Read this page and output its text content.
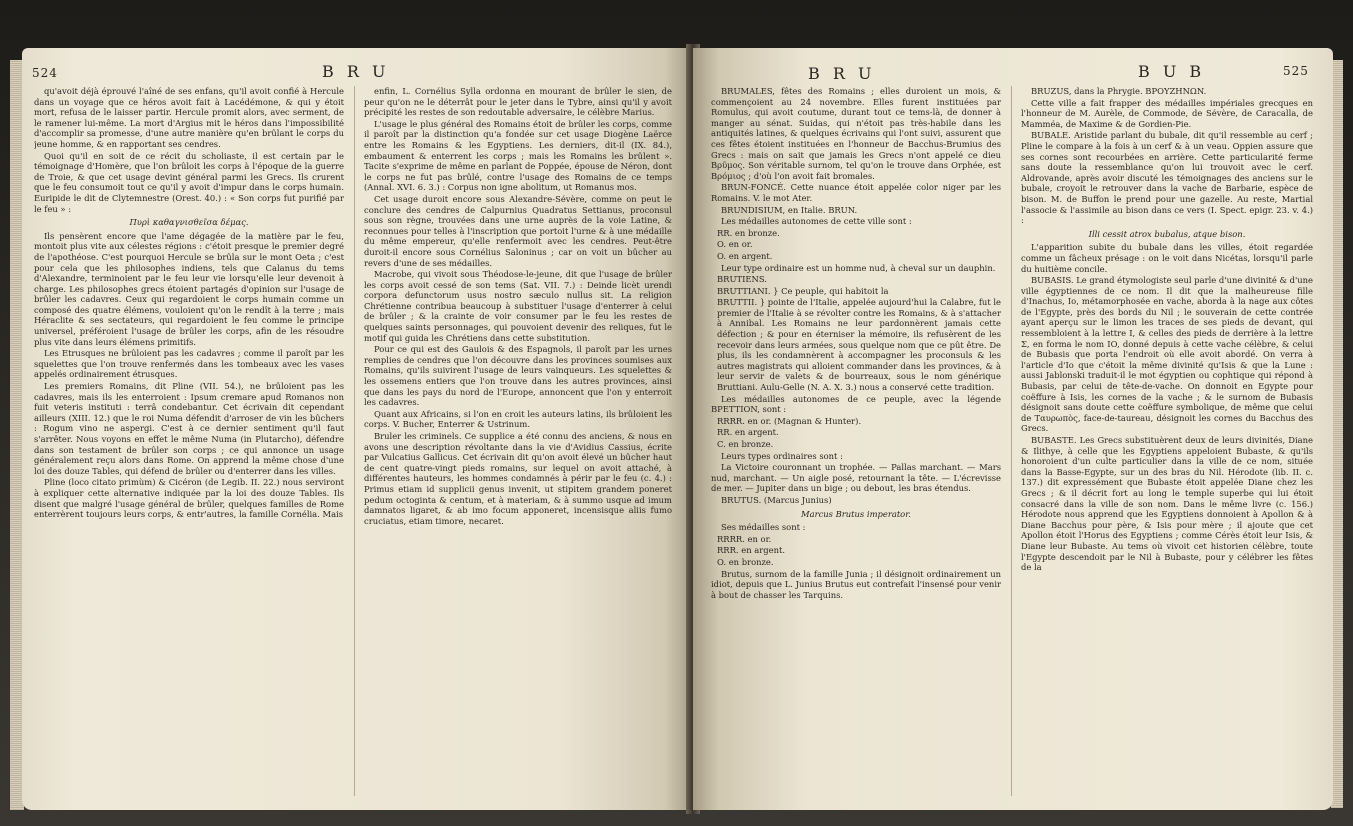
524	B R U

qu'avoit déjà éprouvé l'aîné de ses enfans, qu'il avoit confié à Hercule dans un voyage que ce héros avoit fait à Lacédémone, & qui y étoit mort, refusa de le laisser partir. Hercule promit alors, avec serment, de le ramener lui-même. La mort d'Argius mit le héros dans l'impossibilité d'accomplir sa promesse, d'une autre manière qu'en brûlant le corps du jeune homme, & en rapportant ses cendres.

Quoi qu'il en soit de ce récit du scholiaste, il est certain par le témoignage d'Homère, que l'on brûloit les corps à l'époque de la guerre de Troie, & que cet usage devint général parmi les Grecs. Ils crurent que le feu consumoit tout ce qu'il y avoit d'impur dans le corps humain. Euripide le dit de Clytemnestre (Orest. 40.) : « Son corps fut purifié par le feu » :

Πυρὶ καθαγνισθεῖσα δέμας.

Ils pensèrent encore que l'ame dégagée de la matière par le feu, montoit plus vite aux célestes régions : c'étoit presque le premier degré de l'apothéose. C'est pourquoi Hercule se brûla sur le mont Oeta ; c'est pour cela que les philosophes indiens, tels que Calanus du tems d'Alexandre, terminoient par le feu leur vie lorsqu'elle leur devenoit à charge. Les philosophes grecs étoient partagés d'opinion sur l'usage de brûler les cadavres. Ceux qui regardoient le corps humain comme un composé des quatre élémens, vouloient qu'on le rendît à la terre ; mais Héraclite & ses sectateurs, qui regardoient le feu comme le principe universel, préféroient l'usage de brûler les corps, afin de les résoudre plus vite dans leurs élémens primitifs.

Les Etrusques ne brûloient pas les cadavres ; comme il paroît par les squelettes que l'on trouve renfermés dans les tombeaux avec les vases appelés ordinairement étrusques.

Les premiers Romains, dit Pline (VII. 54.), ne brûloient pas les cadavres, mais ils les enterroient : Ipsum cremare apud Romanos non fuit veteris instituti : terrâ condebantur. Cet écrivain dit cependant ailleurs (XIII. 12.) que le roi Numa défendit d'arroser de vin les bûchers : Rogum vino ne aspergi. C'est à ce dernier sentiment qu'il faut s'arrêter. Nous voyons en effet le même Numa (in Plutarcho), défendre dans son testament de brûler son corps ; ce qui annonce un usage généralement reçu alors dans Rome. On apprend la même chose d'une loi des douze Tables, qui défend de brûler ou d'enterrer dans les villes.

Pline (loco citato primùm) & Cicéron (de Legib. II. 22.) nous serviront à expliquer cette alternative indiquée par la loi des douze Tables. Ils disent que malgré l'usage général de brûler, quelques familles de Rome enterrèrent toujours leurs corps, & entr'autres, la famille Cornélia. Mais

enfin, L. Cornélius Sylla ordonna en mourant de brûler le sien, de peur qu'on ne le déterrât pour le jeter dans le Tybre, ainsi qu'il y avoit précipité les restes de son redoutable adversaire, le célèbre Marius.

L'usage le plus général des Romains étoit de brûler les corps, comme il paroît par la distinction qu'a fondée sur cet usage Diogène Laërce entre les Romains & les Egyptiens. Les derniers, dit-il (IX. 84.), embaument & enterrent les corps ; mais les Romains les brûlent ». Tacite s'exprime de même en parlant de Poppée, épouse de Néron, dont le corps ne fut pas brûlé, contre l'usage des Romains de ce temps (Annal. XVI. 6. 3.) : Corpus non igne abolitum, ut Romanus mos.

Cet usage duroit encore sous Alexandre-Sévère, comme on peut le conclure des cendres de Calpurnius Quadratus Settianus, proconsul sous son règne, trouvées dans une urne auprès de la voie Latine, & reconnues pour telles à l'inscription que portoit l'urne & à une médaille du même empereur, qu'elle renfermoit avec les cendres. Peut-être duroit-il encore sous Cornélius Saloninus ; car on voit un bûcher au revers d'une de ses médailles.

Macrobe, qui vivoit sous Théodose-le-jeune, dit que l'usage de brûler les corps avoit cessé de son tems (Sat. VII. 7.) : Deinde licèt urendi corpora defunctorum usus nostro sæculo nullus sit. La religion Chrétienne contribua beaucoup à substituer l'usage d'enterrer à celui de brûler ; & la crainte de voir consumer par le feu les restes de quelques saints personnages, qui pouvoient devenir des reliques, fut le motif qui guida les Chrétiens dans cette substitution.

Pour ce qui est des Gaulois & des Espagnols, il paroît par les urnes remplies de cendres que l'on découvre dans les provinces soumises aux Romains, qu'ils suivirent l'usage de leurs vainqueurs. Les squelettes & les ossemens entiers que l'on trouve dans les autres provinces, ainsi que dans les pays du nord de l'Europe, annoncent que l'on y enterroit les cadavres.

Quant aux Africains, si l'on en croit les auteurs latins, ils brûloient les corps. V. Bucher, Enterrer & Ustrinum.

Bruler les criminels. Ce supplice a été connu des anciens, & nous en avons une description révoltante dans la vie d'Avidius Cassius, écrite par Vulcatius Gallicus. Cet écrivain dit qu'on avoit élevé un bûcher haut de cent quatre-vingt pieds romains, sur lequel on avoit attaché, à différentes hauteurs, les hommes condamnés à périr par le feu (c. 4.) : Primus etiam id supplicii genus invenit, ut stipitem grandem poneret pedum octoginta & centum, et à materiam, & à summo usque ad imum damnatos ligaret, & ab imo focum apponeret, incensisque aliis fumo cruciatus, etiam timore, necaret.

B R U	B U B	525

BRUMALES, fêtes des Romains ; elles duroient un mois, & commençoient au 24 novembre. Elles furent instituées par Romulus, qui avoit coutume, durant tout ce tems-là, de donner à manger au sénat. Suidas, qui n'étoit pas très-habile dans les antiquités latines, & quelques écrivains qui l'ont suivi, assurent que ces fêtes étoient instituées en l'honneur de Bacchus-Brumius des Grecs : mais on sait que jamais les Grecs n'ont appelé ce dieu Βρῦμος. Son véritable surnom, tel qu'on le trouve dans Orphée, est Βρόμιος ; d'où l'on avoit fait bromales.

BRUN-FONCÉ. Cette nuance étoit appelée color niger par les Romains. V. le mot Ater.

BRUNDISIUM, en Italie. BRUN.

Les médailles autonomes de cette ville sont :

RR. en bronze.

O. en or.

O. en argent.

Leur type ordinaire est un homme nud, à cheval sur un dauphin.

BRUTIENS.

BRUTTIANI. } Ce peuple, qui habitoit la

BRUTTII. } pointe de l'Italie, appelée aujourd'hui la Calabre, fut le premier de l'Italie à se révolter contre les Romains, & à s'attacher à Annibal. Les Romains ne leur pardonnèrent jamais cette défection ; & pour en éterniser la mémoire, ils refusèrent de les recevoir dans leurs armées, sous quelque nom que ce pût être. De plus, ils les condamnèrent à accompagner les proconsuls & les autres magistrats qui alloient commander dans les provinces, & à leur servir de valets & de bourreaux, sous le nom générique Bruttiani. Aulu-Gelle (N. A. X. 3.) nous a conservé cette tradition.

Les médailles autonomes de ce peuple, avec la légende BPETTION, sont :

RRRR. en or. (Magnan & Hunter).

RR. en argent.

C. en bronze.

Leurs types ordinaires sont :

La Victoire couronnant un trophée. — Pallas marchant. — Mars nud, marchant. — Un aigle posé, retournant la tête. — L'écrevisse de mer. — Jupiter dans un bige ; ou debout, les bras étendus.

BRUTUS. (Marcus Junius)

Marcus Brutus imperator.

Ses médailles sont :

RRRR. en or.

RRR. en argent.

O. en bronze.

Brutus, surnom de la famille Junia ; il désignoit ordinairement un idiot, depuis que L. Junius Brutus eut contrefait l'insensé pour venir à bout de chasser les Tarquins.

BRUZUS, dans la Phrygie. BPOYZHNΩN.

Cette ville a fait frapper des médailles impériales grecques en l'honneur de M. Aurèle, de Commode, de Sévère, de Caracalla, de Mamméa, de Maxime & de Gordien-Pie.

BUBALE. Aristide parlant du bubale, dit qu'il ressemble au cerf ; Pline le compare à la fois à un cerf & à un veau. Oppien assure que ses cornes sont recourbées en arrière. Cette particularité ferme sans doute la ressemblance qu'on lui trouvoit avec le cerf. Aldrovande, après avoir discuté les témoignages des anciens sur le bubale, croyoit le retrouver dans la vache de Barbarie, espèce de bison. M. de Buffon le prend pour une gazelle. Au reste, Martial l'associe & l'assimile au bison dans ce vers (I. Spect. epigr. 23. v. 4.) :

Illi cessit atrox bubalus, atque bison.

L'apparition subite du bubale dans les villes, étoit regardée comme un fâcheux présage : on le voit dans Nicétas, lorsqu'il parle du huitième concile.

BUBASIS. Le grand étymologiste seul parle d'une divinité & d'une ville égyptiennes de ce nom. Il dit que la malheureuse fille d'Inachus, Io, métamorphosée en vache, aborda à la nage aux côtes de l'Egypte, près des bords du Nil ; le souverain de cette contrée ayant aperçu sur le limon les traces de ses pieds de devant, qui ressembloient à la lettre I, & celles des pieds de derrière à la lettre Σ, en forma le nom IO, donné depuis à cette vache célèbre, & celui de Bubasis que porta l'endroit où elle avoit abordé. On verra à l'article d'Io que c'étoit la même divinité qu'Isis & que la Lune : aussi Jablonski traduit-il le mot égyptien ou cophtique qui répond à Bubasis, par celui de tête-de-vache. On donnoit en Egypte pour coëffure à Isis, les cornes de la vache ; & le surnom de Bubasis désignoit sans doute cette coëffure symbolique, de même que celui de Ταυρωπὸς, face-de-taureau, désignoit les cornes du Bacchus des Grecs.

BUBASTE. Les Grecs substituèrent deux de leurs divinités, Diane & Ilithye, à celle que les Egyptiens appeloient Bubaste, & qu'ils honoroient d'un culte particulier dans la ville de ce nom, située dans la Basse-Egypte, sur un des bras du Nil. Hérodote (lib. II. c. 137.) dit expressément que Bubaste étoit appelée Diane chez les Grecs ; & il décrit fort au long le temple superbe qui lui étoit consacré dans la ville de son nom. Dans le même livre (c. 156.) Hérodote nous apprend que les Egyptiens donnoient à Apollon & à Diane Bacchus pour père, & Isis pour mère ; il ajoute que cet Apollon étoit l'Horus des Egyptiens ; comme Cérès étoit leur Isis, & Diane leur Bubaste. Au tems où vivoit cet historien célèbre, toute l'Egypte descendoit par le Nil à Bubaste, pour y célébrer les fêtes de la
